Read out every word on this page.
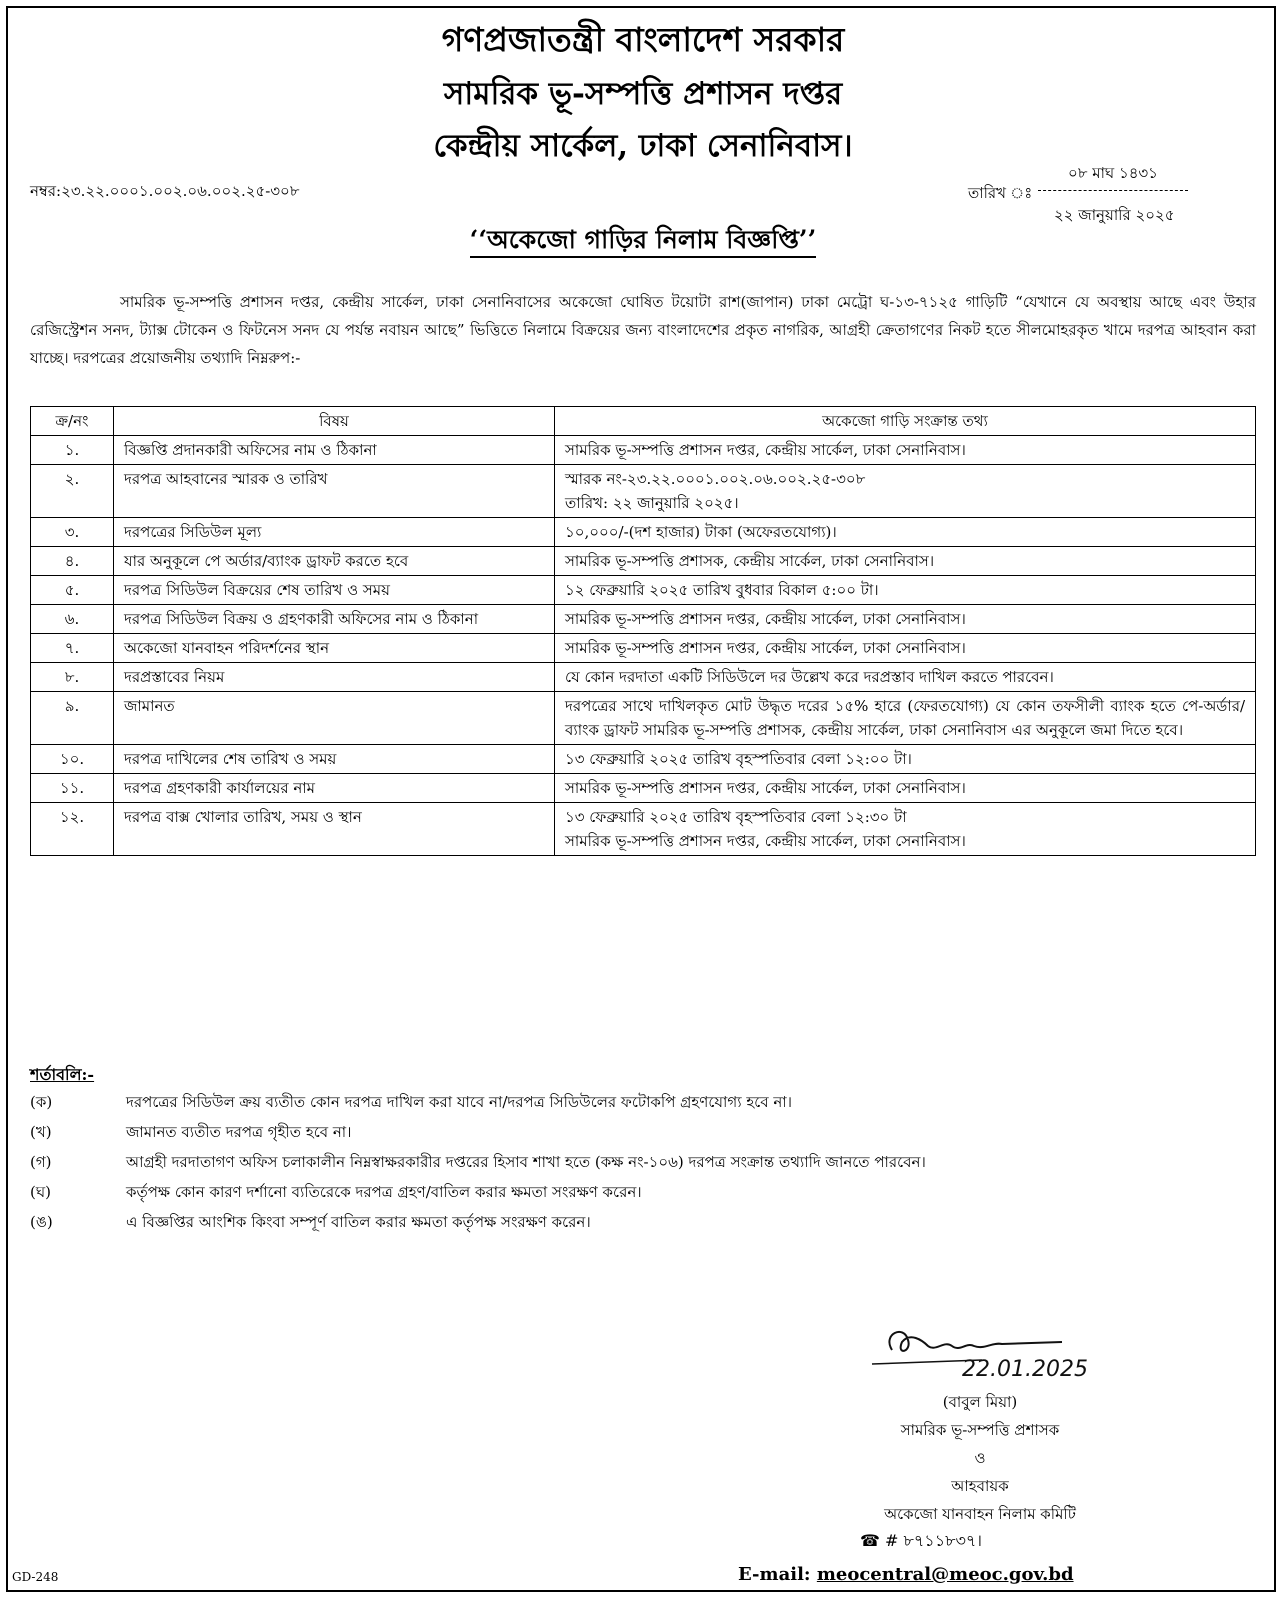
গণপ্রজাতন্ত্রী বাংলাদেশ সরকার
সামরিক ভূ-সম্পত্তি প্রশাসন দপ্তর
কেন্দ্রীয় সার্কেল, ঢাকা সেনানিবাস।
নম্বর:২৩.২২.০০০১.০০২.০৬.০০২.২৫-৩০৮
০৮ মাঘ ১৪৩১
তারিখ ঃ
২২ জানুয়ারি ২০২৫
‘‘অকেজো গাড়ির নিলাম বিজ্ঞপ্তি’’
সামরিক ভূ-সম্পত্তি প্রশাসন দপ্তর, কেন্দ্রীয় সার্কেল, ঢাকা সেনানিবাসের অকেজো ঘোষিত টয়োটা রাশ(জাপান) ঢাকা মেট্রো ঘ-১৩-৭১২৫ গাড়িটি “যেখানে যে অবস্থায় আছে এবং উহার রেজিস্ট্রেশন সনদ, ট্যাক্স টোকেন ও ফিটনেস সনদ যে পর্যন্ত নবায়ন আছে” ভিত্তিতে নিলামে বিক্রয়ের জন্য বাংলাদেশের প্রকৃত নাগরিক, আগ্রহী ক্রেতাগণের নিকট হতে সীলমোহরকৃত খামে দরপত্র আহবান করা যাচ্ছে। দরপত্রের প্রয়োজনীয় তথ্যাদি নিম্নরুপ:-
ক্র/নং	বিষয়	অকেজো গাড়ি সংক্রান্ত তথ্য
১.	বিজ্ঞপ্তি প্রদানকারী অফিসের নাম ও ঠিকানা	সামরিক ভূ-সম্পত্তি প্রশাসন দপ্তর, কেন্দ্রীয় সার্কেল, ঢাকা সেনানিবাস।
২.	দরপত্র আহবানের স্মারক ও তারিখ	স্মারক নং-২৩.২২.০০০১.০০২.০৬.০০২.২৫-৩০৮
তারিখ: ২২ জানুয়ারি ২০২৫।

৩.	দরপত্রের সিডিউল মূল্য	১০,০০০/-(দশ হাজার) টাকা (অফেরতযোগ্য)।
৪.	যার অনুকূলে পে অর্ডার/ব্যাংক ড্রাফট করতে হবে	সামরিক ভূ-সম্পত্তি প্রশাসক, কেন্দ্রীয় সার্কেল, ঢাকা সেনানিবাস।
৫.	দরপত্র সিডিউল বিক্রয়ের শেষ তারিখ ও সময়	১২ ফেব্রুয়ারি ২০২৫ তারিখ বুধবার বিকাল ৫:০০ টা।
৬.	দরপত্র সিডিউল বিক্রয় ও গ্রহণকারী অফিসের নাম ও ঠিকানা	সামরিক ভূ-সম্পত্তি প্রশাসন দপ্তর, কেন্দ্রীয় সার্কেল, ঢাকা সেনানিবাস।
৭.	অকেজো যানবাহন পরিদর্শনের স্থান	সামরিক ভূ-সম্পত্তি প্রশাসন দপ্তর, কেন্দ্রীয় সার্কেল, ঢাকা সেনানিবাস।
৮.	দরপ্রস্তাবের নিয়ম	যে কোন দরদাতা একটি সিডিউলে দর উল্লেখ করে দরপ্রস্তাব দাখিল করতে পারবেন।
৯.	জামানত	দরপত্রের সাথে দাখিলকৃত মোট উদ্ধৃত দরের ১৫% হারে (ফেরতযোগ্য) যে কোন তফসীলী ব্যাংক হতে পে-অর্ডার/ব্যাংক ড্রাফট সামরিক ভূ-সম্পত্তি প্রশাসক, কেন্দ্রীয় সার্কেল, ঢাকা সেনানিবাস এর অনুকূলে জমা দিতে হবে।
১০.	দরপত্র দাখিলের শেষ তারিখ ও সময়	১৩ ফেব্রুয়ারি ২০২৫ তারিখ বৃহস্পতিবার বেলা ১২:০০ টা।
১১.	দরপত্র গ্রহণকারী কার্যালয়ের নাম	সামরিক ভূ-সম্পত্তি প্রশাসন দপ্তর, কেন্দ্রীয় সার্কেল, ঢাকা সেনানিবাস।
১২.	দরপত্র বাক্স খোলার তারিখ, সময় ও স্থান	১৩ ফেব্রুয়ারি ২০২৫ তারিখ বৃহস্পতিবার বেলা ১২:৩০ টা
সামরিক ভূ-সম্পত্তি প্রশাসন দপ্তর, কেন্দ্রীয় সার্কেল, ঢাকা সেনানিবাস।
শর্তাবলি:-
(ক)	দরপত্রের সিডিউল ক্রয় ব্যতীত কোন দরপত্র দাখিল করা যাবে না/দরপত্র সিডিউলের ফটোকপি গ্রহণযোগ্য হবে না।
(খ)	জামানত ব্যতীত দরপত্র গৃহীত হবে না।
(গ)	আগ্রহী দরদাতাগণ অফিস চলাকালীন নিম্নস্বাক্ষরকারীর দপ্তরের হিসাব শাখা হতে (কক্ষ নং-১০৬) দরপত্র সংক্রান্ত তথ্যাদি জানতে পারবেন।
(ঘ)	কর্তৃপক্ষ কোন কারণ দর্শানো ব্যতিরেকে দরপত্র গ্রহণ/বাতিল করার ক্ষমতা সংরক্ষণ করেন।
(ঙ)	এ বিজ্ঞপ্তির আংশিক কিংবা সম্পূর্ণ বাতিল করার ক্ষমতা কর্তৃপক্ষ সংরক্ষণ করেন।
22.01.2025
(বাবুল মিয়া)
সামরিক ভূ-সম্পত্তি প্রশাসক
ও
আহবায়ক
অকেজো যানবাহন নিলাম কমিটি
☎ # ৮৭১১৮৩৭।
E-mail: meocentral@meoc.gov.bd
GD-248
